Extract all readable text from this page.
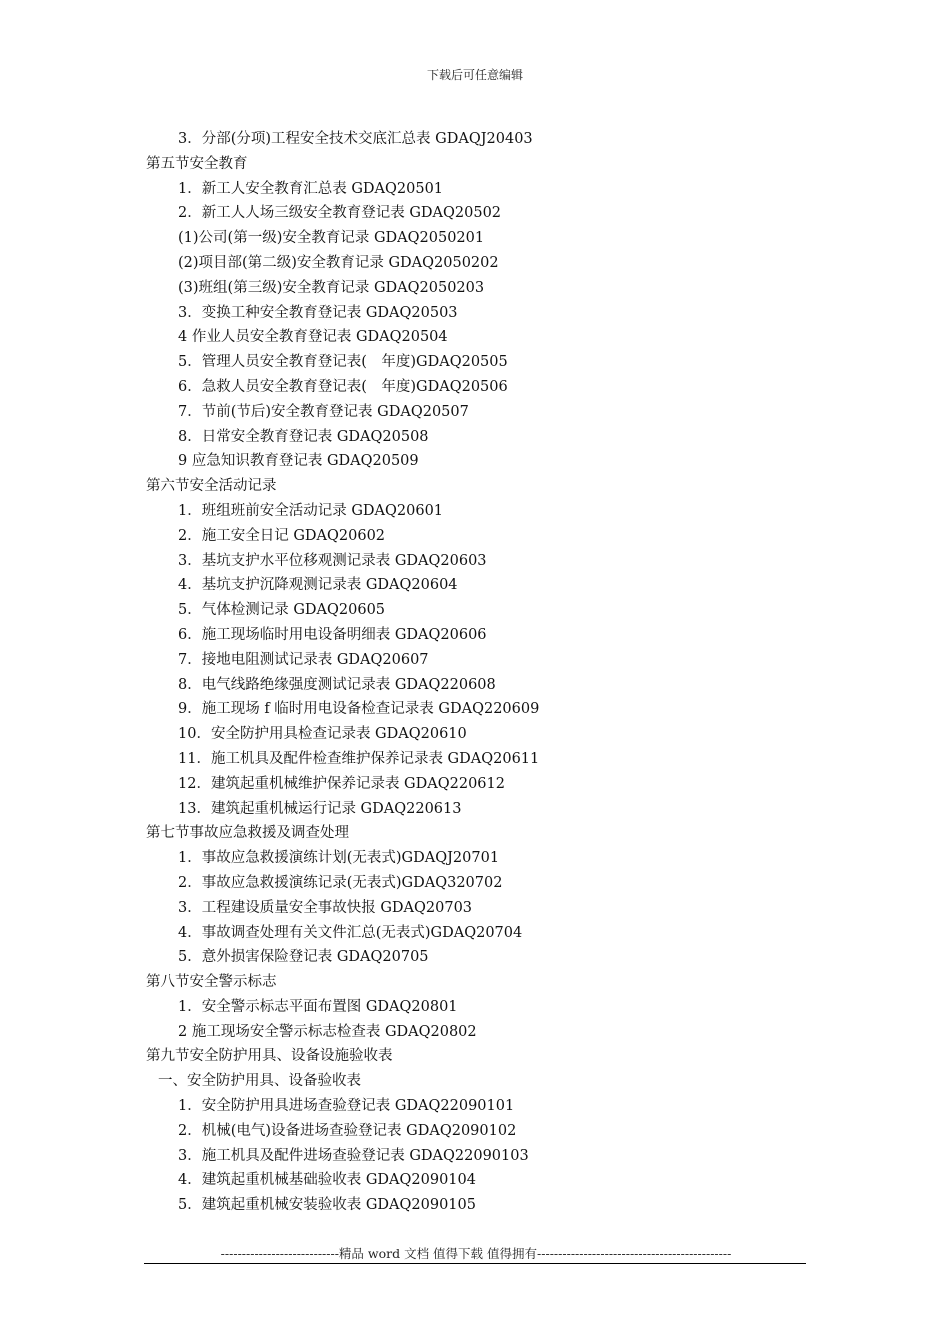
下载后可任意编辑
3．分部(分项)工程安全技术交底汇总表 GDAQJ20403
第五节安全教育
1．新工人安全教育汇总表 GDAQ20501
2．新工人人场三级安全教育登记表 GDAQ20502
(1)公司(第一级)安全教育记录 GDAQ2050201
(2)项目部(第二级)安全教育记录 GDAQ2050202
(3)班组(第三级)安全教育记录 GDAQ2050203
3．变换工种安全教育登记表 GDAQ20503
4 作业人员安全教育登记表 GDAQ20504
5．管理人员安全教育登记表(　年度)GDAQ20505
6．急救人员安全教育登记表(　年度)GDAQ20506
7．节前(节后)安全教育登记表 GDAQ20507
8．日常安全教育登记表 GDAQ20508
9 应急知识教育登记表 GDAQ20509
第六节安全活动记录
1．班组班前安全活动记录 GDAQ20601
2．施工安全日记 GDAQ20602
3．基坑支护水平位移观测记录表 GDAQ20603
4．基坑支护沉降观测记录表 GDAQ20604
5．气体检测记录 GDAQ20605
6．施工现场临时用电设备明细表 GDAQ20606
7．接地电阻测试记录表 GDAQ20607
8．电气线路绝缘强度测试记录表 GDAQ220608
9．施工现场 f 临时用电设备检查记录表 GDAQ220609
10．安全防护用具检查记录表 GDAQ20610
11．施工机具及配件检查维护保养记录表 GDAQ20611
12．建筑起重机械维护保养记录表 GDAQ220612
13．建筑起重机械运行记录 GDAQ220613
第七节事故应急救援及调查处理
1．事故应急救援演练计划(无表式)GDAQJ20701
2．事故应急救援演练记录(无表式)GDAQ320702
3．工程建设质量安全事故快报 GDAQ20703
4．事故调查处理有关文件汇总(无表式)GDAQ20704
5．意外损害保险登记表 GDAQ20705
第八节安全警示标志
1．安全警示标志平面布置图 GDAQ20801
2 施工现场安全警示标志检查表 GDAQ20802
第九节安全防护用具、设备设施验收表
一、安全防护用具、设备验收表
1．安全防护用具进场查验登记表 GDAQ22090101
2．机械(电气)设备进场查验登记表 GDAQ2090102
3．施工机具及配件进场查验登记表 GDAQ22090103
4．建筑起重机械基础验收表 GDAQ2090104
5．建筑起重机械安装验收表 GDAQ2090105
----------------------------精品 word 文档 值得下载 值得拥有----------------------------------------------
